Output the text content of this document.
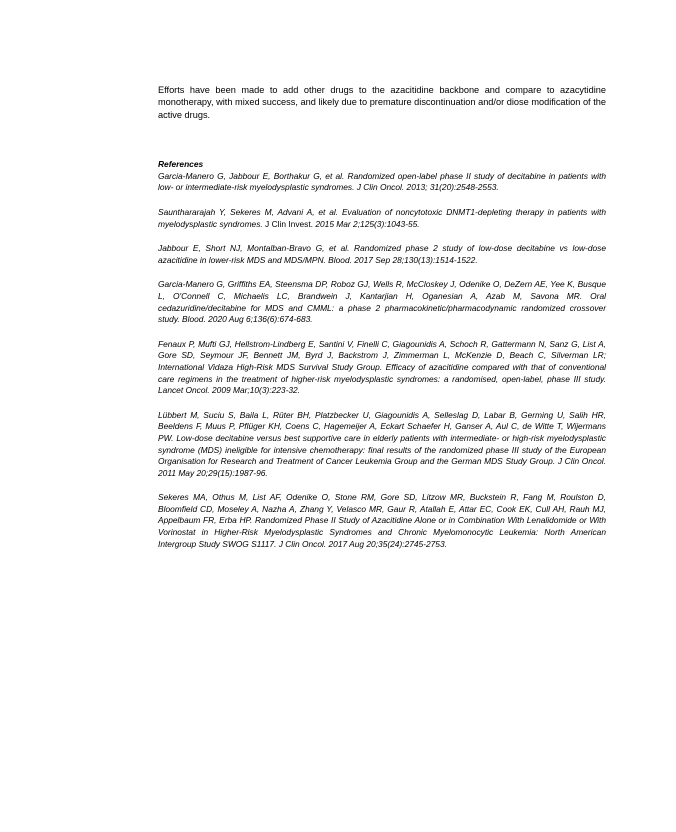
Efforts have been made to add other drugs to the azacitidine backbone and compare to azacytidine monotherapy, with mixed success, and likely due to premature discontinuation and/or diose modification of the active drugs.

References

Garcia-Manero G, Jabbour E, Borthakur G, et al. Randomized open-label phase II study of decitabine in patients with low- or intermediate-risk myelodysplastic syndromes. J Clin Oncol. 2013; 31(20):2548-2553.

Saunthararajah Y, Sekeres M, Advani A, et al. Evaluation of noncytotoxic DNMT1-depleting therapy in patients with myelodysplastic syndromes. J Clin Invest. 2015 Mar 2;125(3):1043-55.

Jabbour E, Short NJ, Montalban-Bravo G, et al. Randomized phase 2 study of low-dose decitabine vs low-dose azacitidine in lower-risk MDS and MDS/MPN. Blood. 2017 Sep 28;130(13):1514-1522.

Garcia-Manero G, Griffiths EA, Steensma DP, Roboz GJ, Wells R, McCloskey J, Odenike O, DeZern AE, Yee K, Busque L, O'Connell C, Michaelis LC, Brandwein J, Kantarjian H, Oganesian A, Azab M, Savona MR. Oral cedazuridine/decitabine for MDS and CMML: a phase 2 pharmacokinetic/pharmacodynamic randomized crossover study. Blood. 2020 Aug 6;136(6):674-683.

Fenaux P, Mufti GJ, Hellstrom-Lindberg E, Santini V, Finelli C, Giagounidis A, Schoch R, Gattermann N, Sanz G, List A, Gore SD, Seymour JF, Bennett JM, Byrd J, Backstrom J, Zimmerman L, McKenzie D, Beach C, Silverman LR; International Vidaza High-Risk MDS Survival Study Group. Efficacy of azacitidine compared with that of conventional care regimens in the treatment of higher-risk myelodysplastic syndromes: a randomised, open-label, phase III study. Lancet Oncol. 2009 Mar;10(3):223-32.

Lübbert M, Suciu S, Baila L, Rüter BH, Platzbecker U, Giagounidis A, Selleslag D, Labar B, Germing U, Salih HR, Beeldens F, Muus P, Pflüger KH, Coens C, Hagemeijer A, Eckart Schaefer H, Ganser A, Aul C, de Witte T, Wijermans PW. Low-dose decitabine versus best supportive care in elderly patients with intermediate- or high-risk myelodysplastic syndrome (MDS) ineligible for intensive chemotherapy: final results of the randomized phase III study of the European Organisation for Research and Treatment of Cancer Leukemia Group and the German MDS Study Group. J Clin Oncol. 2011 May 20;29(15):1987-96.

Sekeres MA, Othus M, List AF, Odenike O, Stone RM, Gore SD, Litzow MR, Buckstein R, Fang M, Roulston D, Bloomfield CD, Moseley A, Nazha A, Zhang Y, Velasco MR, Gaur R, Atallah E, Attar EC, Cook EK, Cull AH, Rauh MJ, Appelbaum FR, Erba HP. Randomized Phase II Study of Azacitidine Alone or in Combination With Lenalidomide or With Vorinostat in Higher-Risk Myelodysplastic Syndromes and Chronic Myelomonocytic Leukemia: North American Intergroup Study SWOG S1117. J Clin Oncol. 2017 Aug 20;35(24):2745-2753.
